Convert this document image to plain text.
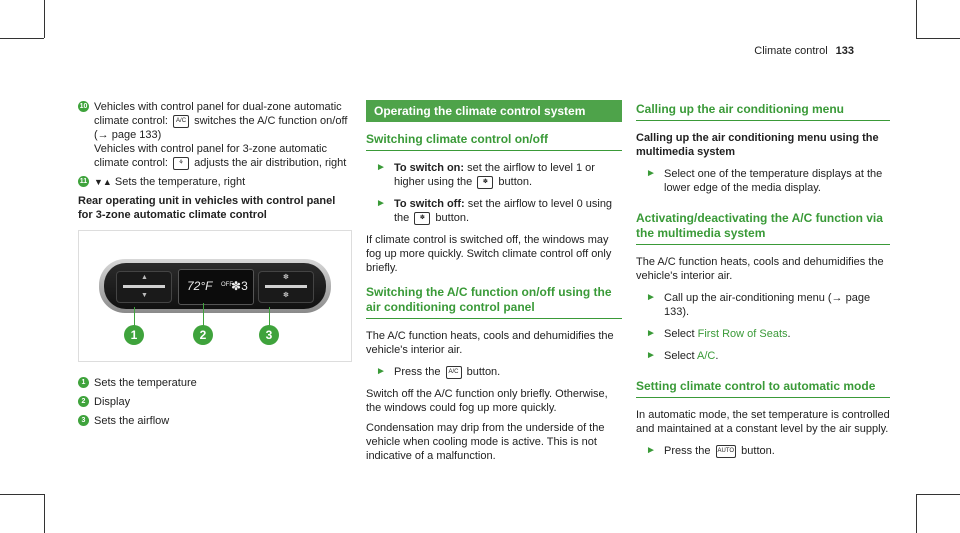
Climate control 133
10 Vehicles with control panel for dual-zone automatic climate control: A/C switches the A/C function on/off (→ page 133)
Vehicles with control panel for 3-zone automatic climate control: ⚘ adjusts the air distribution, right
11 ▼▲ Sets the temperature, right

Rear operating unit in vehicles with control panel for 3-zone automatic climate control

▲
▼
72°F OFF
✽3
✽
✽
1	2	3
1 Sets the temperature
2 Display
3 Sets the airflow
Operating the climate control system
Switching climate control on/off
► To switch on: set the airflow to level 1 or higher using the ✽ button.
► To switch off: set the airflow to level 0 using the ✽ button.

If climate control is switched off, the windows may fog up more quickly. Switch climate control off only briefly.

Switching the A/C function on/off using the air conditioning control panel

The A/C function heats, cools and dehumidifies the vehicle's interior air.

► Press the A/C button.

Switch off the A/C function only briefly. Otherwise, the windows could fog up more quickly.

Condensation may drip from the underside of the vehicle when cooling mode is active. This is not indicative of a malfunction.

Calling up the air conditioning menu

Calling up the air conditioning menu using the multimedia system

► Select one of the temperature displays at the lower edge of the media display.
Activating/deactivating the A/C function via the multimedia system

The A/C function heats, cools and dehumidifies the vehicle's interior air.

► Call up the air-conditioning menu (→ page 133).
► Select First Row of Seats.
► Select A/C.
Setting climate control to automatic mode

In automatic mode, the set temperature is controlled and maintained at a constant level by the air supply.

► Press the AUTO button.
